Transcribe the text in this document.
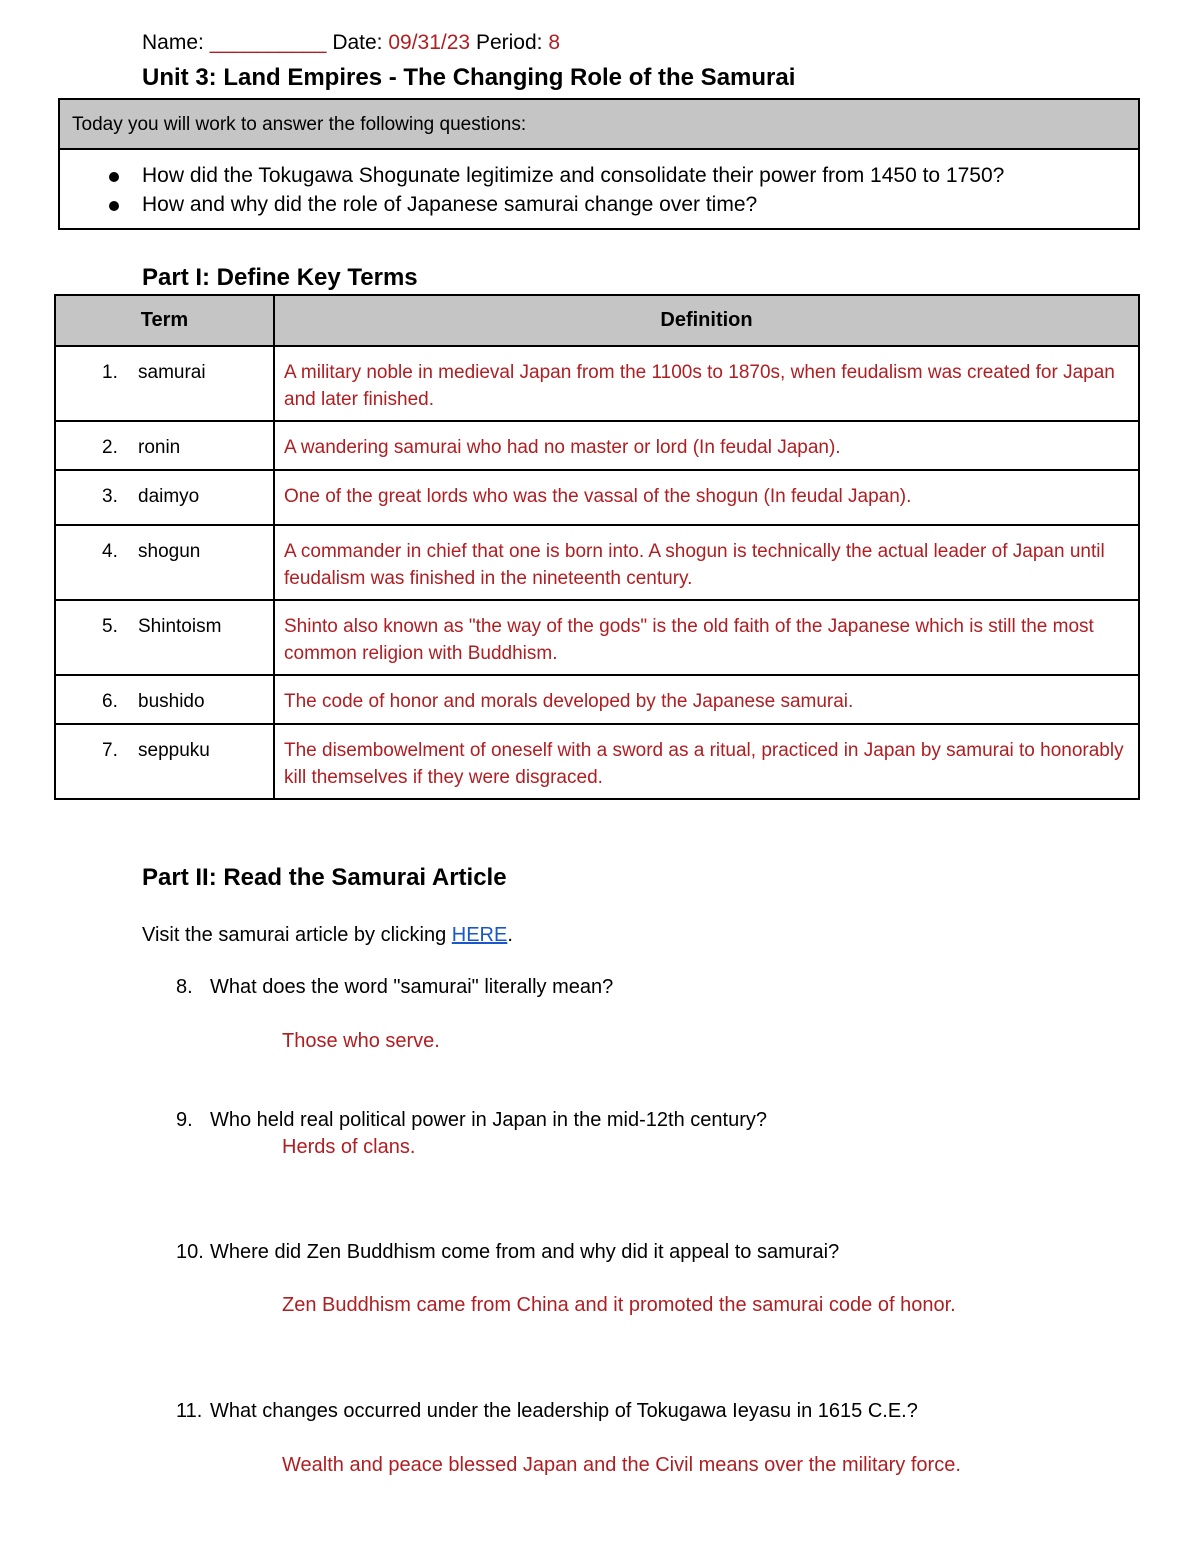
Name: __________ Date: 09/31/23 Period: 8
Unit 3: Land Empires - The Changing Role of the Samurai
Today you will work to answer the following questions:
How did the Tokugawa Shogunate legitimize and consolidate their power from 1450 to 1750?
How and why did the role of Japanese samurai change over time?
Part I: Define Key Terms
Term	Definition

1. samurai	A military noble in medieval Japan from the 1100s to 1870s, when feudalism was created for Japan and later finished.

2. ronin	A wandering samurai who had no master or lord (In feudal Japan).

3. daimyo	One of the great lords who was the vassal of the shogun (In feudal Japan).

4. shogun	A commander in chief that one is born into. A shogun is technically the actual leader of Japan until feudalism was finished in the nineteenth century.

5. Shintoism	Shinto also known as "the way of the gods" is the old faith of the Japanese which is still the most common religion with Buddhism.

6. bushido	The code of honor and morals developed by the Japanese samurai.

7. seppuku	The disembowelment of oneself with a sword as a ritual, practiced in Japan by samurai to honorably kill themselves if they were disgraced.
Part II: Read the Samurai Article
Visit the samurai article by clicking HERE.
8. What does the word "samurai" literally mean?
Those who serve.
9. Who held real political power in Japan in the mid-12th century?
Herds of clans.
10. Where did Zen Buddhism come from and why did it appeal to samurai?
Zen Buddhism came from China and it promoted the samurai code of honor.
11. What changes occurred under the leadership of Tokugawa Ieyasu in 1615 C.E.?
Wealth and peace blessed Japan and the Civil means over the military force.
